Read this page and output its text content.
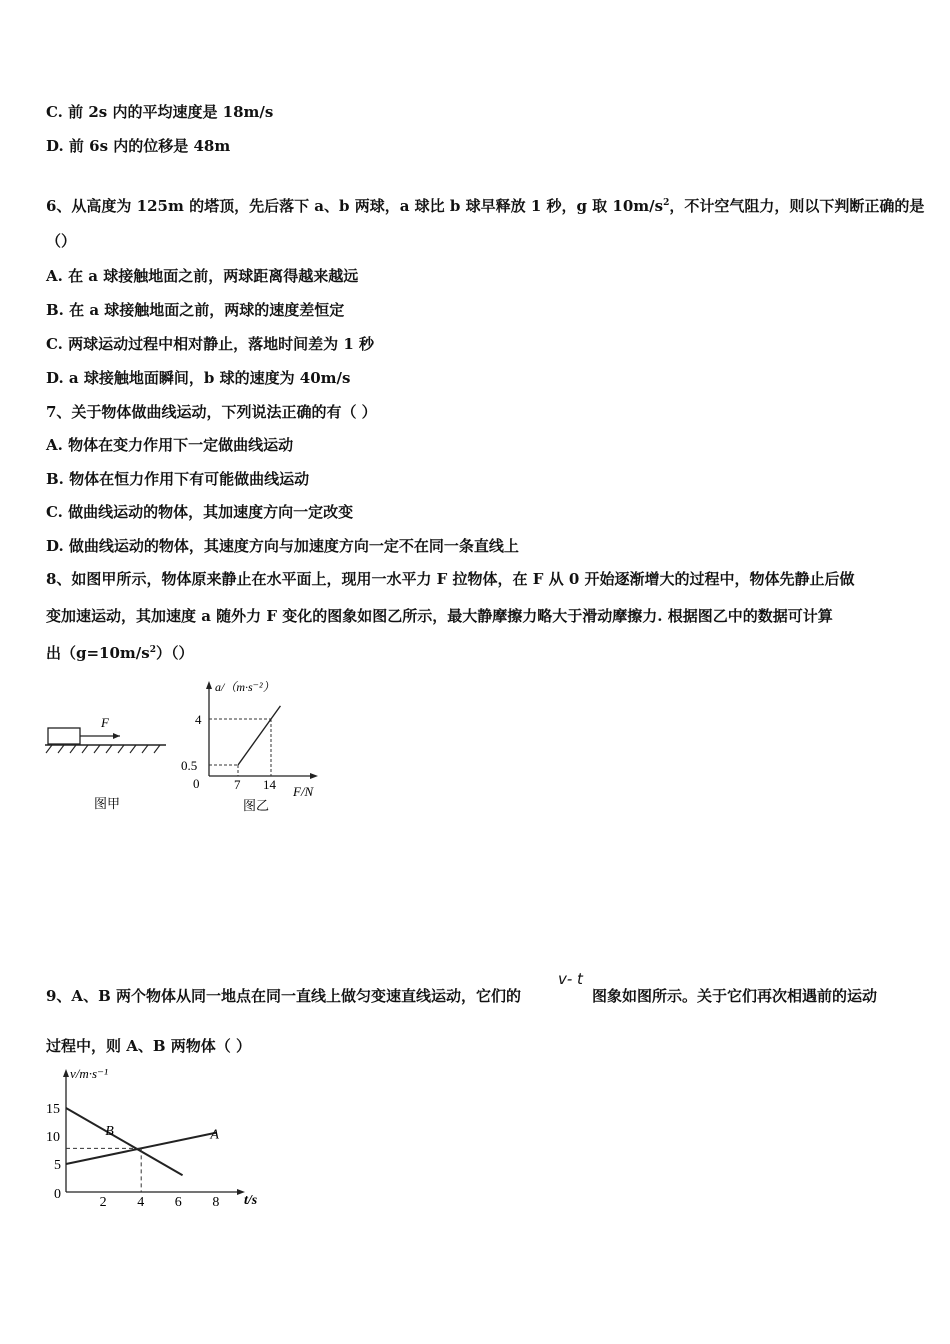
C. 前 2s 内的平均速度是 18m/s
D. 前 6s 内的位移是 48m
6、从高度为 125m 的塔顶，先后落下 a、b 两球，a 球比 b 球早释放 1 秒，g 取 $10m/s^2$，不计空气阻力，则以下判断正确的是
（）
A. 在 a 球接触地面之前，两球距离得越来越远
B. 在 a 球接触地面之前，两球的速度差恒定
C. 两球运动过程中相对静止，落地时间差为 1 秒
D. a 球接触地面瞬间，b 球的速度为 40m/s
7、关于物体做曲线运动，下列说法正确的有（ ）
A. 物体在变力作用下一定做曲线运动
B. 物体在恒力作用下有可能做曲线运动
C. 做曲线运动的物体，其加速度方向一定改变
D. 做曲线运动的物体，其速度方向与加速度方向一定不在同一条直线上
8、如图甲所示，物体原来静止在水平面上，现用一水平力 F 拉物体，在 F 从 0 开始逐渐增大的过程中，物体先静止后做
变加速运动，其加速度 a 随外力 F 变化的图象如图乙所示，最大静摩擦力略大于滑动摩擦力. 根据图乙中的数据可计算
出$(g=10m/s^2)()$
F
图甲
a/（m·s⁻²）
F/N
0
4
0.5
7 14
图乙
9、A、B 两个物体从同一地点在同一直线上做匀变速直线运动，它们的
v- t
图象如图所示。关于它们再次相遇前的运动
过程中，则 A、B 两物体（ ）
v/m·s⁻¹
t/s
0
15
10
5
2 4 6 8
A
B
